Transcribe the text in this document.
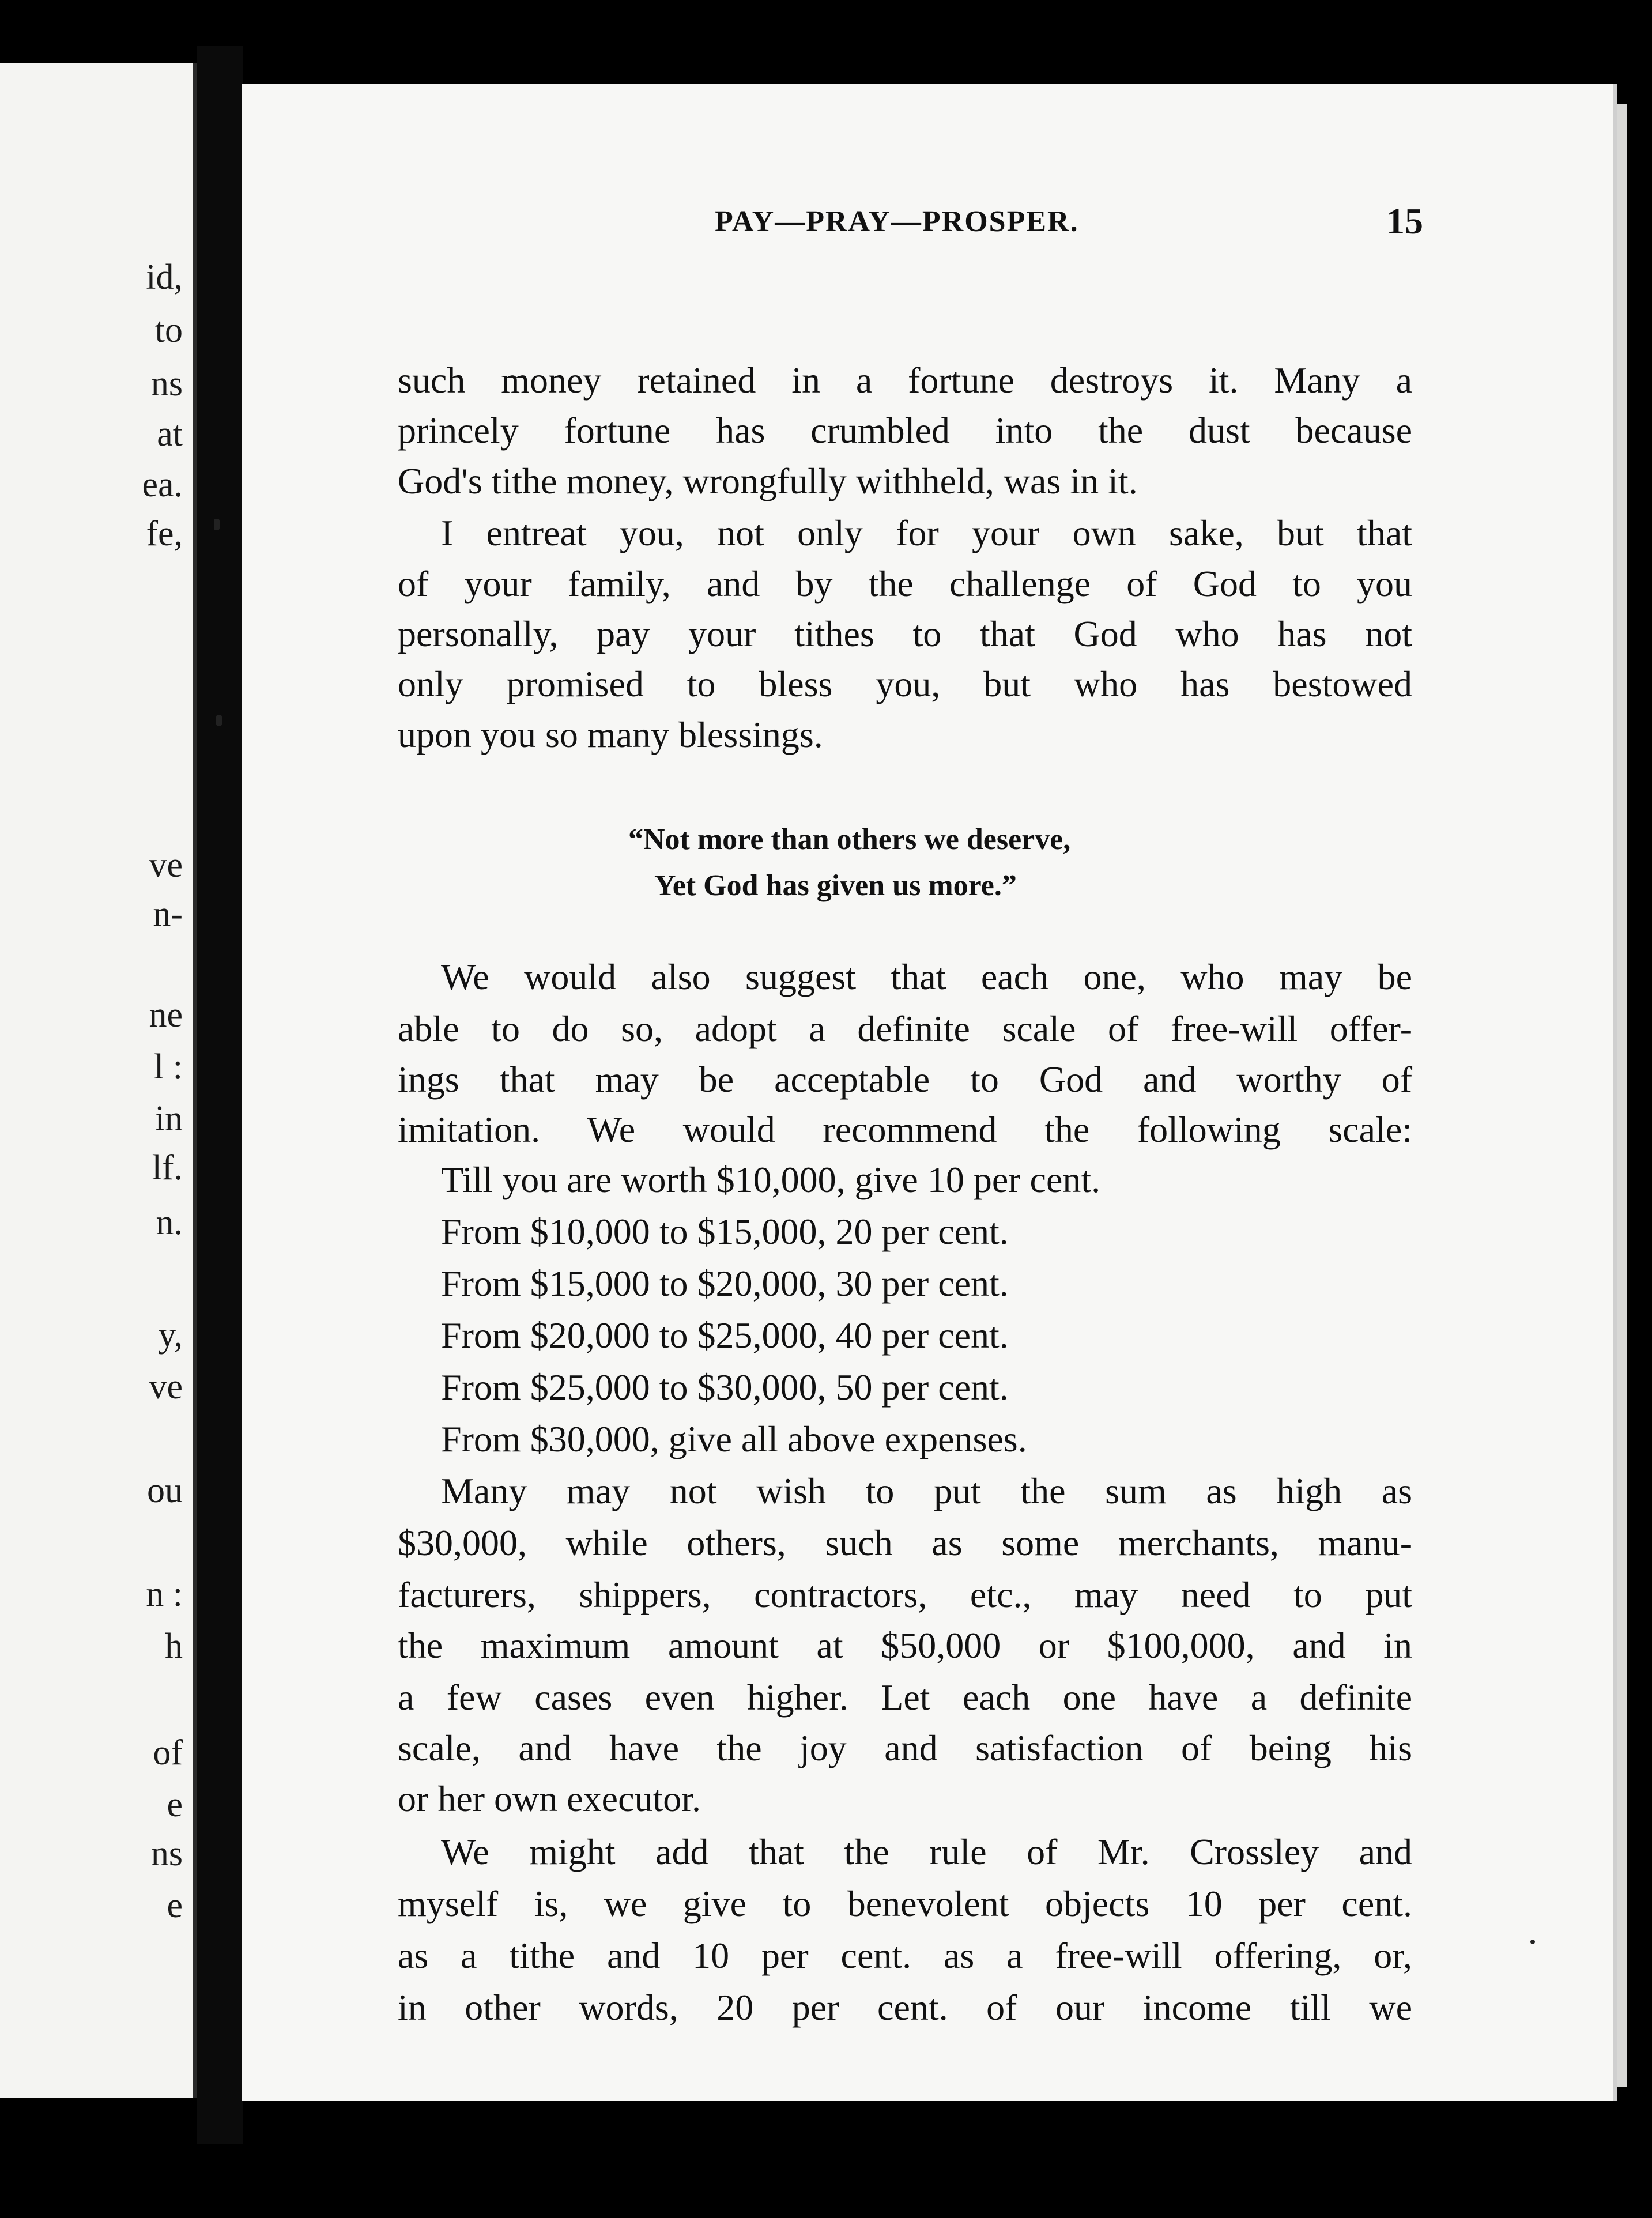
id,
to
ns
at
ea.
fe,
ve
n-
ne
l :
in
lf.
n.
y,
ve
ou
n :
h
of
e
ns
e
PAY—PRAY—PROSPER.	15
such money retained in a fortune destroys it. Many a
princely fortune has crumbled into the dust because
God's tithe money, wrongfully withheld, was in it.
I entreat you, not only for your own sake, but that
of your family, and by the challenge of God to you
personally, pay your tithes to that God who has not
only promised to bless you, but who has bestowed
upon you so many blessings.
“Not more than others we deserve,
Yet God has given us more.”
We would also suggest that each one, who may be
able to do so, adopt a definite scale of free-will offer-
ings that may be acceptable to God and worthy of
imitation. We would recommend the following scale:
Till you are worth $10,000, give 10 per cent.
From $10,000 to $15,000, 20 per cent.
From $15,000 to $20,000, 30 per cent.
From $20,000 to $25,000, 40 per cent.
From $25,000 to $30,000, 50 per cent.
From $30,000, give all above expenses.
Many may not wish to put the sum as high as
$30,000, while others, such as some merchants, manu-
facturers, shippers, contractors, etc., may need to put
the maximum amount at $50,000 or $100,000, and in
a few cases even higher. Let each one have a definite
scale, and have the joy and satisfaction of being his
or her own executor.
We might add that the rule of Mr. Crossley and
myself is, we give to benevolent objects 10 per cent.
as a tithe and 10 per cent. as a free-will offering, or,
in other words, 20 per cent. of our income till we
